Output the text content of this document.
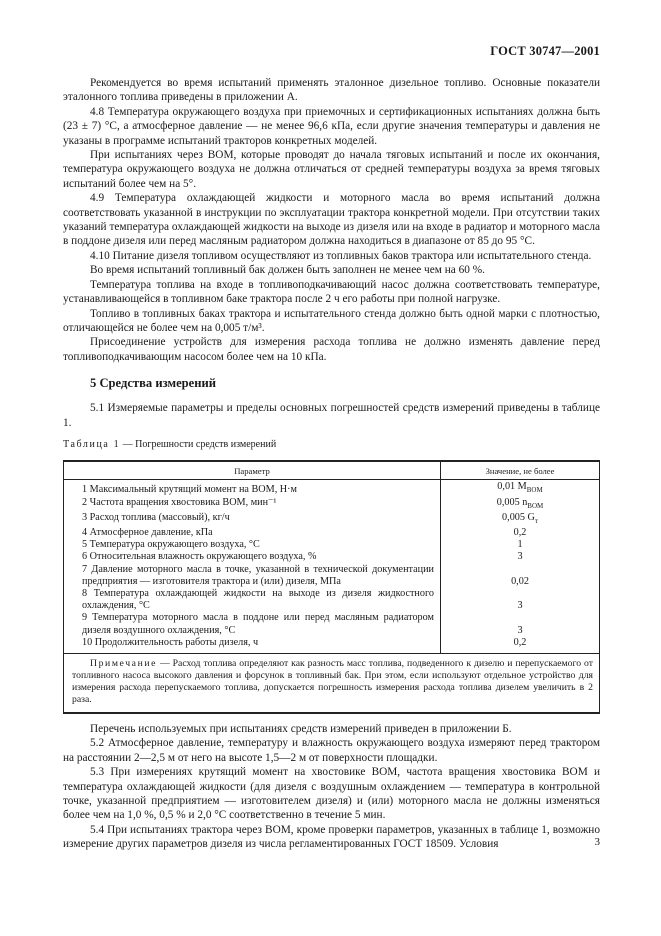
ГОСТ 30747—2001

Рекомендуется во время испытаний применять эталонное дизельное топливо. Основные показатели эталонного топлива приведены в приложении А.

4.8 Температура окружающего воздуха при приемочных и сертификационных испытаниях должна быть (23 ± 7) °С, а атмосферное давление — не менее 96,6 кПа, если другие значения температуры и давления не указаны в программе испытаний тракторов конкретных моделей.

При испытаниях через ВОМ, которые проводят до начала тяговых испытаний и после их окончания, температура окружающего воздуха не должна отличаться от средней температуры воздуха за время тяговых испытаний более чем на 5°.

4.9 Температура охлаждающей жидкости и моторного масла во время испытаний должна соответствовать указанной в инструкции по эксплуатации трактора конкретной модели. При отсутствии таких указаний температура охлаждающей жидкости на выходе из дизеля или на входе в радиатор и моторного масла в поддоне дизеля или перед масляным радиатором должна находиться в диапазоне от 85 до 95 °С.

4.10 Питание дизеля топливом осуществляют из топливных баков трактора или испытательного стенда.

Во время испытаний топливный бак должен быть заполнен не менее чем на 60 %.

Температура топлива на входе в топливоподкачивающий насос должна соответствовать температуре, устанавливающейся в топливном баке трактора после 2 ч его работы при полной нагрузке.

Топливо в топливных баках трактора и испытательного стенда должно быть одной марки с плотностью, отличающейся не более чем на 0,005 т/м³.

Присоединение устройств для измерения расхода топлива не должно изменять давление перед топливоподкачивающим насосом более чем на 10 кПа.

5 Средства измерений

5.1 Измеряемые параметры и пределы основных погрешностей средств измерений приведены в таблице 1.

Таблица 1 — Погрешности средств измерений

Параметр	Значение, не более
1 Максимальный крутящий момент на ВОМ, Н·м	0,01 $M_{ВОМ}$
2 Частота вращения хвостовика ВОМ, мин⁻¹	0,005 $n_{ВОМ}$
3 Расход топлива (массовый), кг/ч	0,005 $G_т$
4 Атмосферное давление, кПа	0,2
5 Температура окружающего воздуха, °С	1
6 Относительная влажность окружающего воздуха, %	3
7 Давление моторного масла в точке, указанной в технической документации предприятия — изготовителя трактора и (или) дизеля, МПа	0,02
8 Температура охлаждающей жидкости на выходе из дизеля жидкостного охлаждения, °С	3
9 Температура моторного масла в поддоне или перед масляным радиатором дизеля воздушного охлаждения, °С	3
10 Продолжительность работы дизеля, ч	0,2
Примечание — Расход топлива определяют как разность масс топлива, подведенного к дизелю и перепускаемого от топливного насоса высокого давления и форсунок в топливный бак. При этом, если используют отдельное устройство для измерения расхода перепускаемого топлива, допускается погрешность измерения расхода топлива дизелем увеличить в 2 раза.	

Перечень используемых при испытаниях средств измерений приведен в приложении Б.

5.2 Атмосферное давление, температуру и влажность окружающего воздуха измеряют перед трактором на расстоянии 2—2,5 м от него на высоте 1,5—2 м от поверхности площадки.

5.3 При измерениях крутящий момент на хвостовике ВОМ, частота вращения хвостовика ВОМ и температура охлаждающей жидкости (для дизеля с воздушным охлаждением — температура в контрольной точке, указанной предприятием — изготовителем дизеля) и (или) моторного масла не должны изменяться более чем на 1,0 %, 0,5 % и 2,0 °С соответственно в течение 5 мин.

5.4 При испытаниях трактора через ВОМ, кроме проверки параметров, указанных в таблице 1, возможно измерение других параметров дизеля из числа регламентированных ГОСТ 18509. Условия	3
